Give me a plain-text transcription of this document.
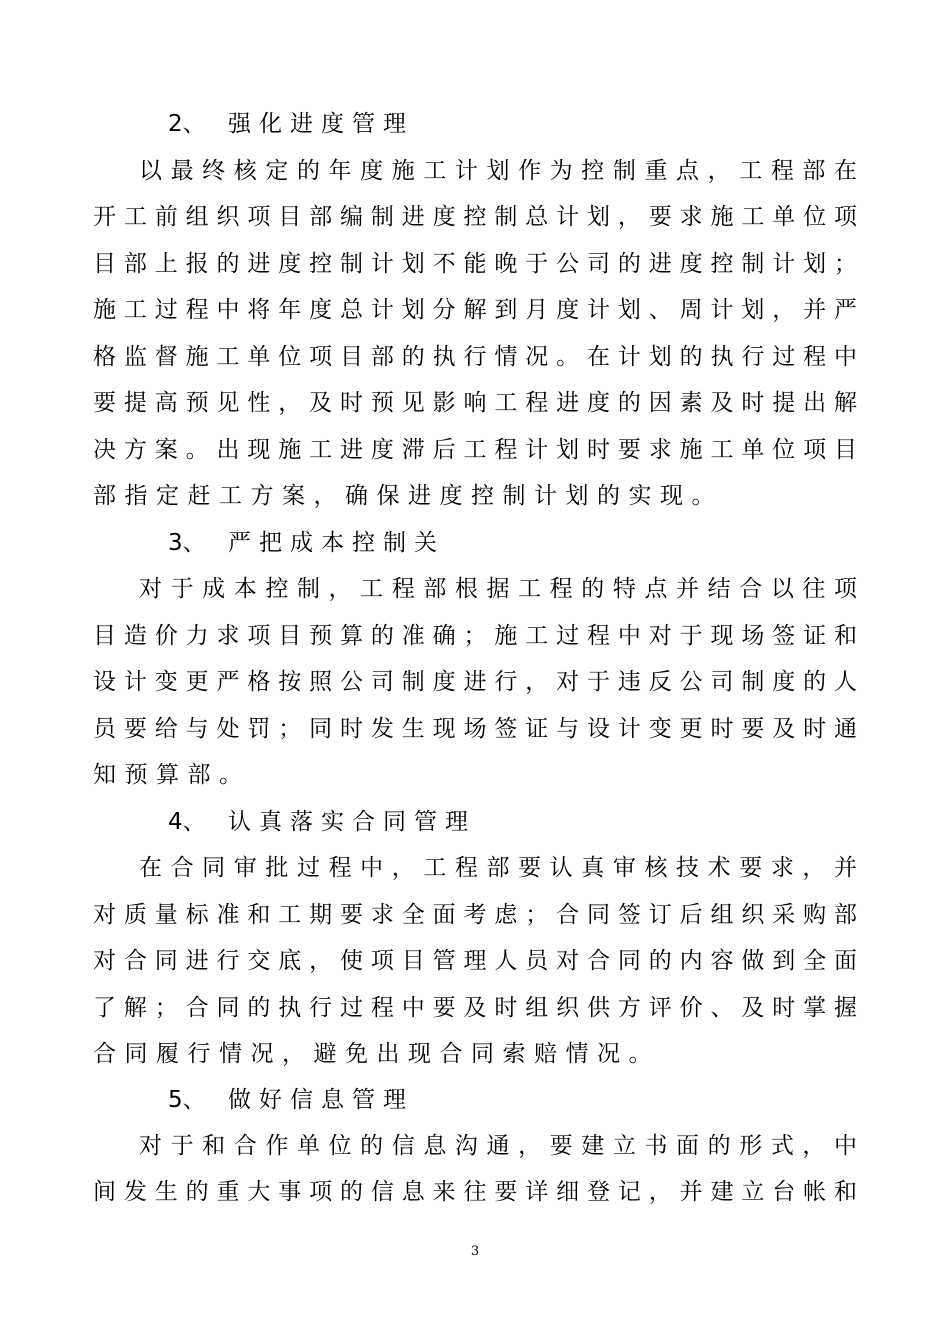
2、 强化进度管理
以最终核定的年度施工计划作为控制重点，工程部在
开工前组织项目部编制进度控制总计划，要求施工单位项
目部上报的进度控制计划不能晚于公司的进度控制计划；
施工过程中将年度总计划分解到月度计划、周计划，并严
格监督施工单位项目部的执行情况。在计划的执行过程中
要提高预见性，及时预见影响工程进度的因素及时提出解
决方案。出现施工进度滞后工程计划时要求施工单位项目
部指定赶工方案，确保进度控制计划的实现。
3、 严把成本控制关
对于成本控制，工程部根据工程的特点并结合以往项
目造价力求项目预算的准确；施工过程中对于现场签证和
设计变更严格按照公司制度进行，对于违反公司制度的人
员要给与处罚；同时发生现场签证与设计变更时要及时通
知预算部。
4、 认真落实合同管理
在合同审批过程中，工程部要认真审核技术要求，并
对质量标准和工期要求全面考虑；合同签订后组织采购部
对合同进行交底，使项目管理人员对合同的内容做到全面
了解；合同的执行过程中要及时组织供方评价、及时掌握
合同履行情况，避免出现合同索赔情况。
5、 做好信息管理
对于和合作单位的信息沟通，要建立书面的形式，中
间发生的重大事项的信息来往要详细登记，并建立台帐和
3
